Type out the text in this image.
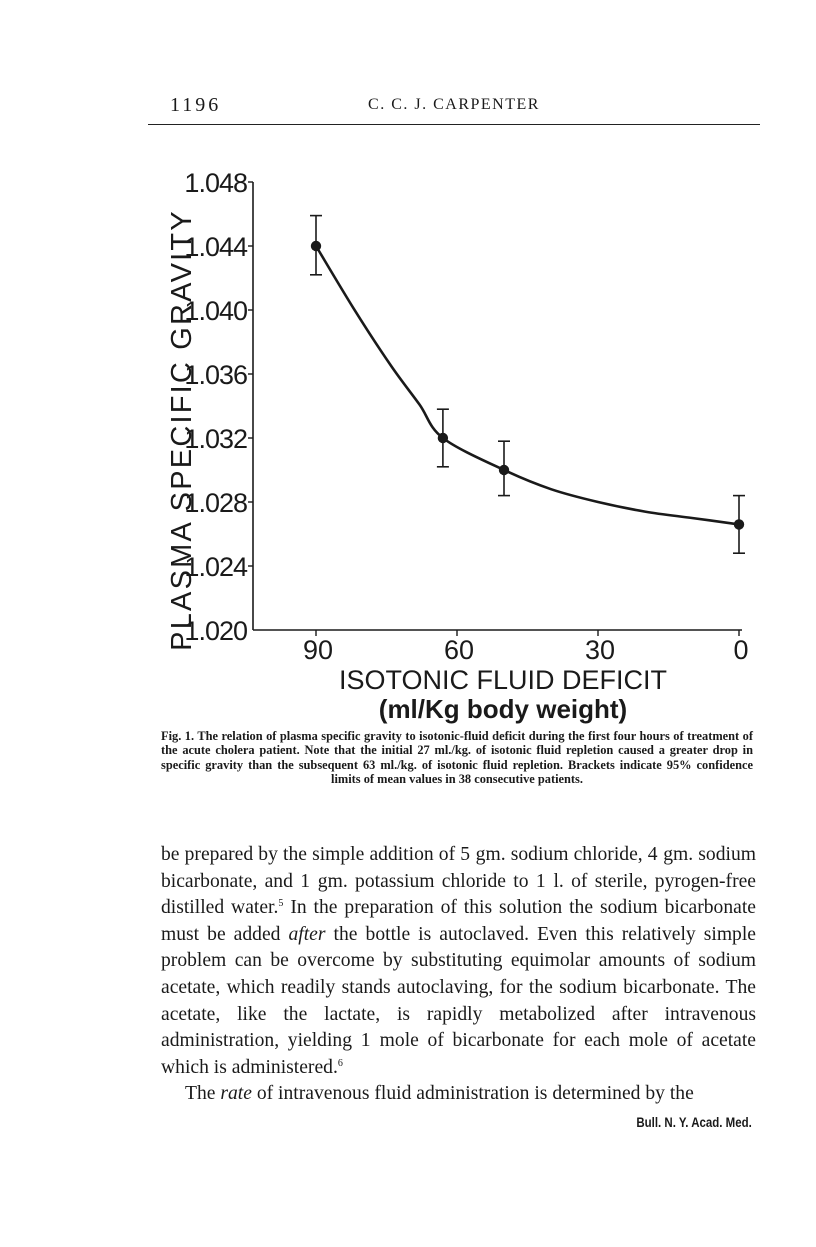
1196	C. C. J. CARPENTER
1.020
1.024
1.028
1.032
1.036
1.040
1.044
1.048
90	60	30	0
PLASMA SPECIFIC GRAVITY
ISOTONIC FLUID DEFICIT
(ml/Kg body weight)
Fig. 1. The relation of plasma specific gravity to isotonic-fluid deficit during the first four hours of treatment of the acute cholera patient. Note that the initial 27 ml./kg. of isotonic fluid repletion caused a greater drop in specific gravity than the subsequent 63 ml./kg. of isotonic fluid repletion. Brackets indicate 95% confidence limits of mean values in 38 consecutive patients.

be prepared by the simple addition of 5 gm. sodium chloride, 4 gm. sodium bicarbonate, and 1 gm. potassium chloride to 1 l. of sterile, pyrogen-free distilled water.$^5$ In the preparation of this solution the sodium bicarbonate must be added after the bottle is autoclaved. Even this relatively simple problem can be overcome by substituting equimolar amounts of sodium acetate, which readily stands autoclaving, for the sodium bicarbonate. The acetate, like the lactate, is rapidly metabolized after intravenous administration, yielding 1 mole of bicarbonate for each mole of acetate which is administered.$^6$

The rate of intravenous fluid administration is determined by the

Bull. N. Y. Acad. Med.
